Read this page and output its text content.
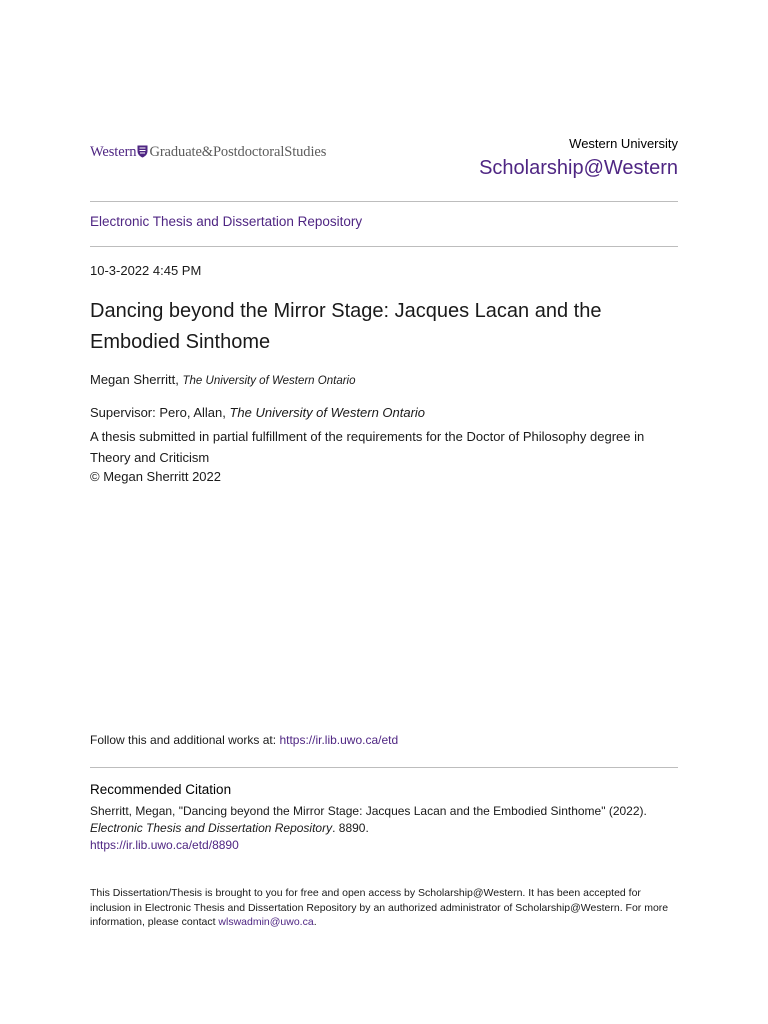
Western Graduate&PostdoctoralStudies
Western University
Scholarship@Western
Electronic Thesis and Dissertation Repository
10-3-2022 4:45 PM
Dancing beyond the Mirror Stage: Jacques Lacan and the Embodied Sinthome
Megan Sherritt, The University of Western Ontario
Supervisor: Pero, Allan, The University of Western Ontario
A thesis submitted in partial fulfillment of the requirements for the Doctor of Philosophy degree in Theory and Criticism
© Megan Sherritt 2022
Follow this and additional works at: https://ir.lib.uwo.ca/etd
Recommended Citation
Sherritt, Megan, "Dancing beyond the Mirror Stage: Jacques Lacan and the Embodied Sinthome" (2022).
Electronic Thesis and Dissertation Repository. 8890.
https://ir.lib.uwo.ca/etd/8890
This Dissertation/Thesis is brought to you for free and open access by Scholarship@Western. It has been accepted for inclusion in Electronic Thesis and Dissertation Repository by an authorized administrator of Scholarship@Western. For more information, please contact wlswadmin@uwo.ca.
